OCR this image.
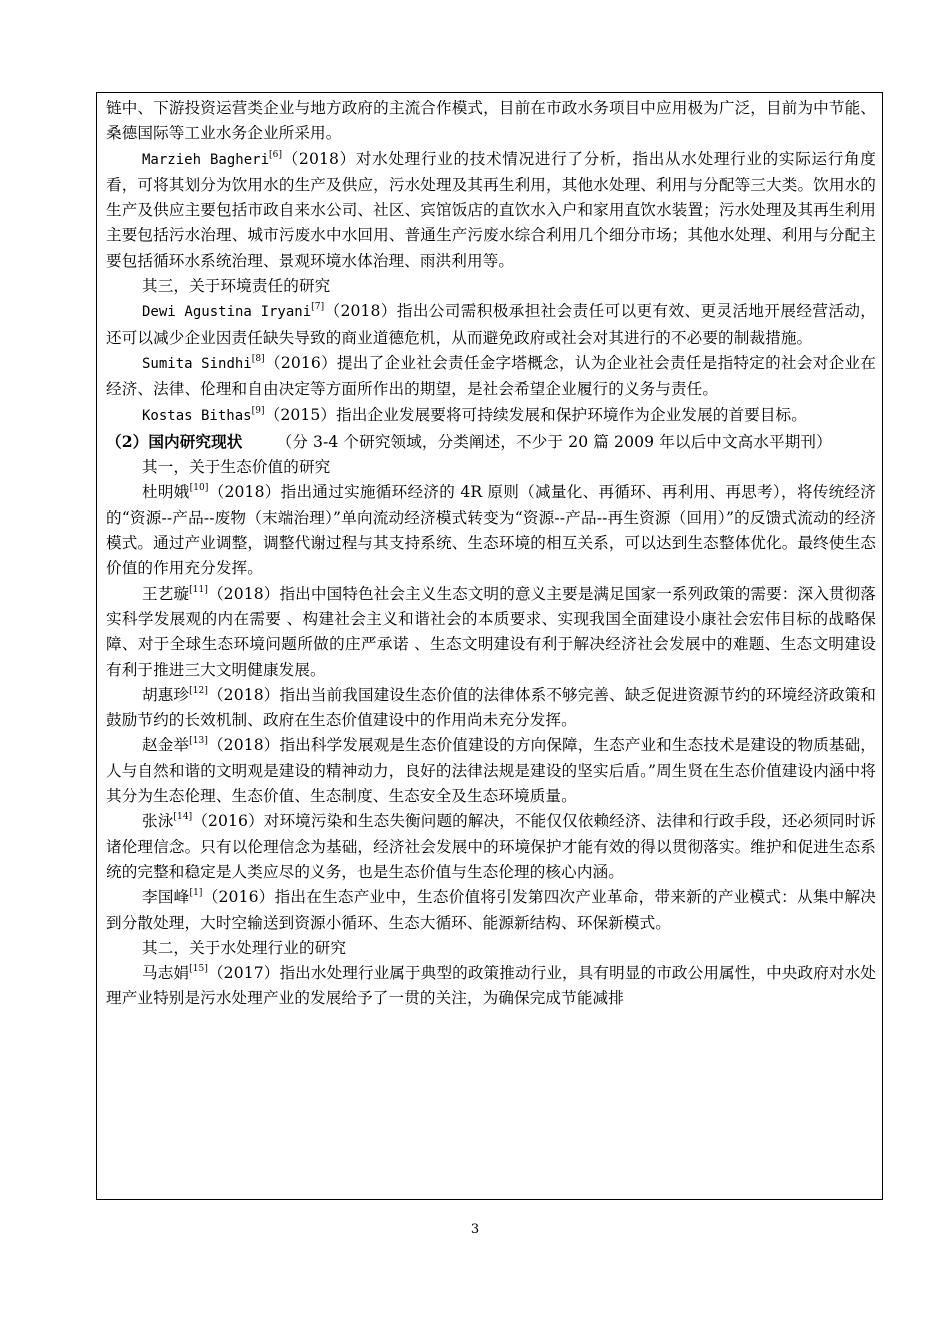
链中、下游投资运营类企业与地方政府的主流合作模式，目前在市政水务项目中应用极为广泛，目前为中节能、桑德国际等工业水务企业所采用。

Marzieh Bagheri[6]（2018）对水处理行业的技术情况进行了分析，指出从水处理行业的实际运行角度看，可将其划分为饮用水的生产及供应，污水处理及其再生利用，其他水处理、利用与分配等三大类。饮用水的生产及供应主要包括市政自来水公司、社区、宾馆饭店的直饮水入户和家用直饮水装置；污水处理及其再生利用主要包括污水治理、城市污废水中水回用、普通生产污废水综合利用几个细分市场；其他水处理、利用与分配主要包括循环水系统治理、景观环境水体治理、雨洪利用等。

其三，关于环境责任的研究

Dewi Agustina Iryani[7]（2018）指出公司需积极承担社会责任可以更有效、更灵活地开展经营活动，还可以减少企业因责任缺失导致的商业道德危机，从而避免政府或社会对其进行的不必要的制裁措施。

Sumita Sindhi[8]（2016）提出了企业社会责任金字塔概念，认为企业社会责任是指特定的社会对企业在经济、法律、伦理和自由决定等方面所作出的期望，是社会希望企业履行的义务与责任。

Kostas Bithas[9]（2015）指出企业发展要将可持续发展和保护环境作为企业发展的首要目标。

（2）国内研究现状 （分 3-4 个研究领域，分类阐述，不少于 20 篇 2009 年以后中文高水平期刊）

其一，关于生态价值的研究

杜明娥[10]（2018）指出通过实施循环经济的 4R 原则（减量化、再循环、再利用、再思考），将传统经济的“资源--产品--废物（末端治理）”单向流动经济模式转变为“资源--产品--再生资源（回用）”的反馈式流动的经济模式。通过产业调整，调整代谢过程与其支持系统、生态环境的相互关系，可以达到生态整体优化。最终使生态价值的作用充分发挥。

王艺璇[11]（2018）指出中国特色社会主义生态文明的意义主要是满足国家一系列政策的需要：深入贯彻落实科学发展观的内在需要 、构建社会主义和谐社会的本质要求、实现我国全面建设小康社会宏伟目标的战略保障、对于全球生态环境问题所做的庄严承诺 、生态文明建设有利于解决经济社会发展中的难题、生态文明建设有利于推进三大文明健康发展。

胡惠珍[12]（2018）指出当前我国建设生态价值的法律体系不够完善、缺乏促进资源节约的环境经济政策和鼓励节约的长效机制、政府在生态价值建设中的作用尚未充分发挥。

赵金举[13]（2018）指出科学发展观是生态价值建设的方向保障，生态产业和生态技术是建设的物质基础，人与自然和谐的文明观是建设的精神动力，良好的法律法规是建设的坚实后盾。”周生贤在生态价值建设内涵中将其分为生态伦理、生态价值、生态制度、生态安全及生态环境质量。

张泳[14]（2016）对环境污染和生态失衡问题的解决，不能仅仅依赖经济、法律和行政手段，还必须同时诉诸伦理信念。只有以伦理信念为基础，经济社会发展中的环境保护才能有效的得以贯彻落实。维护和促进生态系统的完整和稳定是人类应尽的义务，也是生态价值与生态伦理的核心内涵。

李国峰[1]（2016）指出在生态产业中，生态价值将引发第四次产业革命，带来新的产业模式：从集中解决到分散处理，大时空输送到资源小循环、生态大循环、能源新结构、环保新模式。

其二，关于水处理行业的研究

马志娟[15]（2017）指出水处理行业属于典型的政策推动行业，具有明显的市政公用属性，中央政府对水处理产业特别是污水处理产业的发展给予了一贯的关注，为确保完成节能减排

3
